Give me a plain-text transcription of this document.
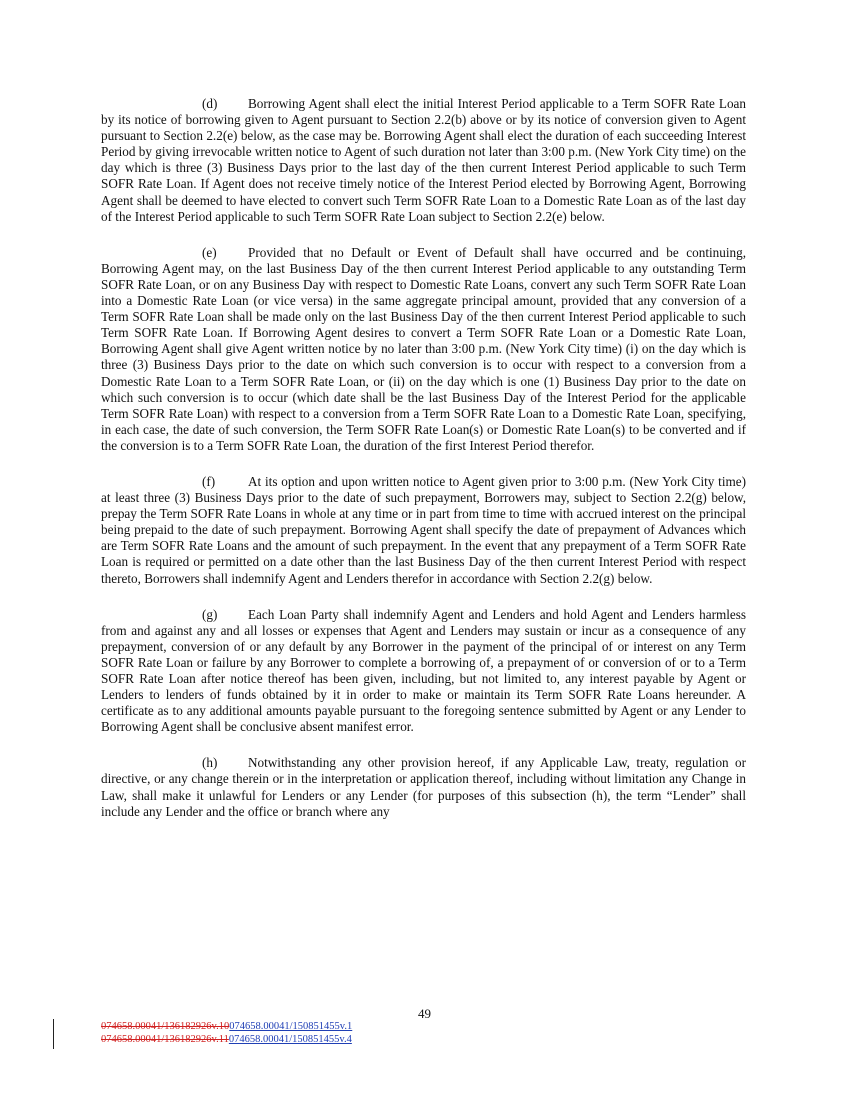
(d) Borrowing Agent shall elect the initial Interest Period applicable to a Term SOFR Rate Loan by its notice of borrowing given to Agent pursuant to Section 2.2(b) above or by its notice of conversion given to Agent pursuant to Section 2.2(e) below, as the case may be. Borrowing Agent shall elect the duration of each succeeding Interest Period by giving irrevocable written notice to Agent of such duration not later than 3:00 p.m. (New York City time) on the day which is three (3) Business Days prior to the last day of the then current Interest Period applicable to such Term SOFR Rate Loan. If Agent does not receive timely notice of the Interest Period elected by Borrowing Agent, Borrowing Agent shall be deemed to have elected to convert such Term SOFR Rate Loan to a Domestic Rate Loan as of the last day of the Interest Period applicable to such Term SOFR Rate Loan subject to Section 2.2(e) below.

(e) Provided that no Default or Event of Default shall have occurred and be continuing, Borrowing Agent may, on the last Business Day of the then current Interest Period applicable to any outstanding Term SOFR Rate Loan, or on any Business Day with respect to Domestic Rate Loans, convert any such Term SOFR Rate Loan into a Domestic Rate Loan (or vice versa) in the same aggregate principal amount, provided that any conversion of a Term SOFR Rate Loan shall be made only on the last Business Day of the then current Interest Period applicable to such Term SOFR Rate Loan. If Borrowing Agent desires to convert a Term SOFR Rate Loan or a Domestic Rate Loan, Borrowing Agent shall give Agent written notice by no later than 3:00 p.m. (New York City time) (i) on the day which is three (3) Business Days prior to the date on which such conversion is to occur with respect to a conversion from a Domestic Rate Loan to a Term SOFR Rate Loan, or (ii) on the day which is one (1) Business Day prior to the date on which such conversion is to occur (which date shall be the last Business Day of the Interest Period for the applicable Term SOFR Rate Loan) with respect to a conversion from a Term SOFR Rate Loan to a Domestic Rate Loan, specifying, in each case, the date of such conversion, the Term SOFR Rate Loan(s) or Domestic Rate Loan(s) to be converted and if the conversion is to a Term SOFR Rate Loan, the duration of the first Interest Period therefor.

(f) At its option and upon written notice to Agent given prior to 3:00 p.m. (New York City time) at least three (3) Business Days prior to the date of such prepayment, Borrowers may, subject to Section 2.2(g) below, prepay the Term SOFR Rate Loans in whole at any time or in part from time to time with accrued interest on the principal being prepaid to the date of such prepayment. Borrowing Agent shall specify the date of prepayment of Advances which are Term SOFR Rate Loans and the amount of such prepayment. In the event that any prepayment of a Term SOFR Rate Loan is required or permitted on a date other than the last Business Day of the then current Interest Period with respect thereto, Borrowers shall indemnify Agent and Lenders therefor in accordance with Section 2.2(g) below.

(g) Each Loan Party shall indemnify Agent and Lenders and hold Agent and Lenders harmless from and against any and all losses or expenses that Agent and Lenders may sustain or incur as a consequence of any prepayment, conversion of or any default by any Borrower in the payment of the principal of or interest on any Term SOFR Rate Loan or failure by any Borrower to complete a borrowing of, a prepayment of or conversion of or to a Term SOFR Rate Loan after notice thereof has been given, including, but not limited to, any interest payable by Agent or Lenders to lenders of funds obtained by it in order to make or maintain its Term SOFR Rate Loans hereunder. A certificate as to any additional amounts payable pursuant to the foregoing sentence submitted by Agent or any Lender to Borrowing Agent shall be conclusive absent manifest error.

(h) Notwithstanding any other provision hereof, if any Applicable Law, treaty, regulation or directive, or any change therein or in the interpretation or application thereof, including without limitation any Change in Law, shall make it unlawful for Lenders or any Lender (for purposes of this subsection (h), the term “Lender” shall include any Lender and the office or branch where any

49
074658.00041/136182926v.10074658.00041/150851455v.1
074658.00041/136182926v.11074658.00041/150851455v.4
